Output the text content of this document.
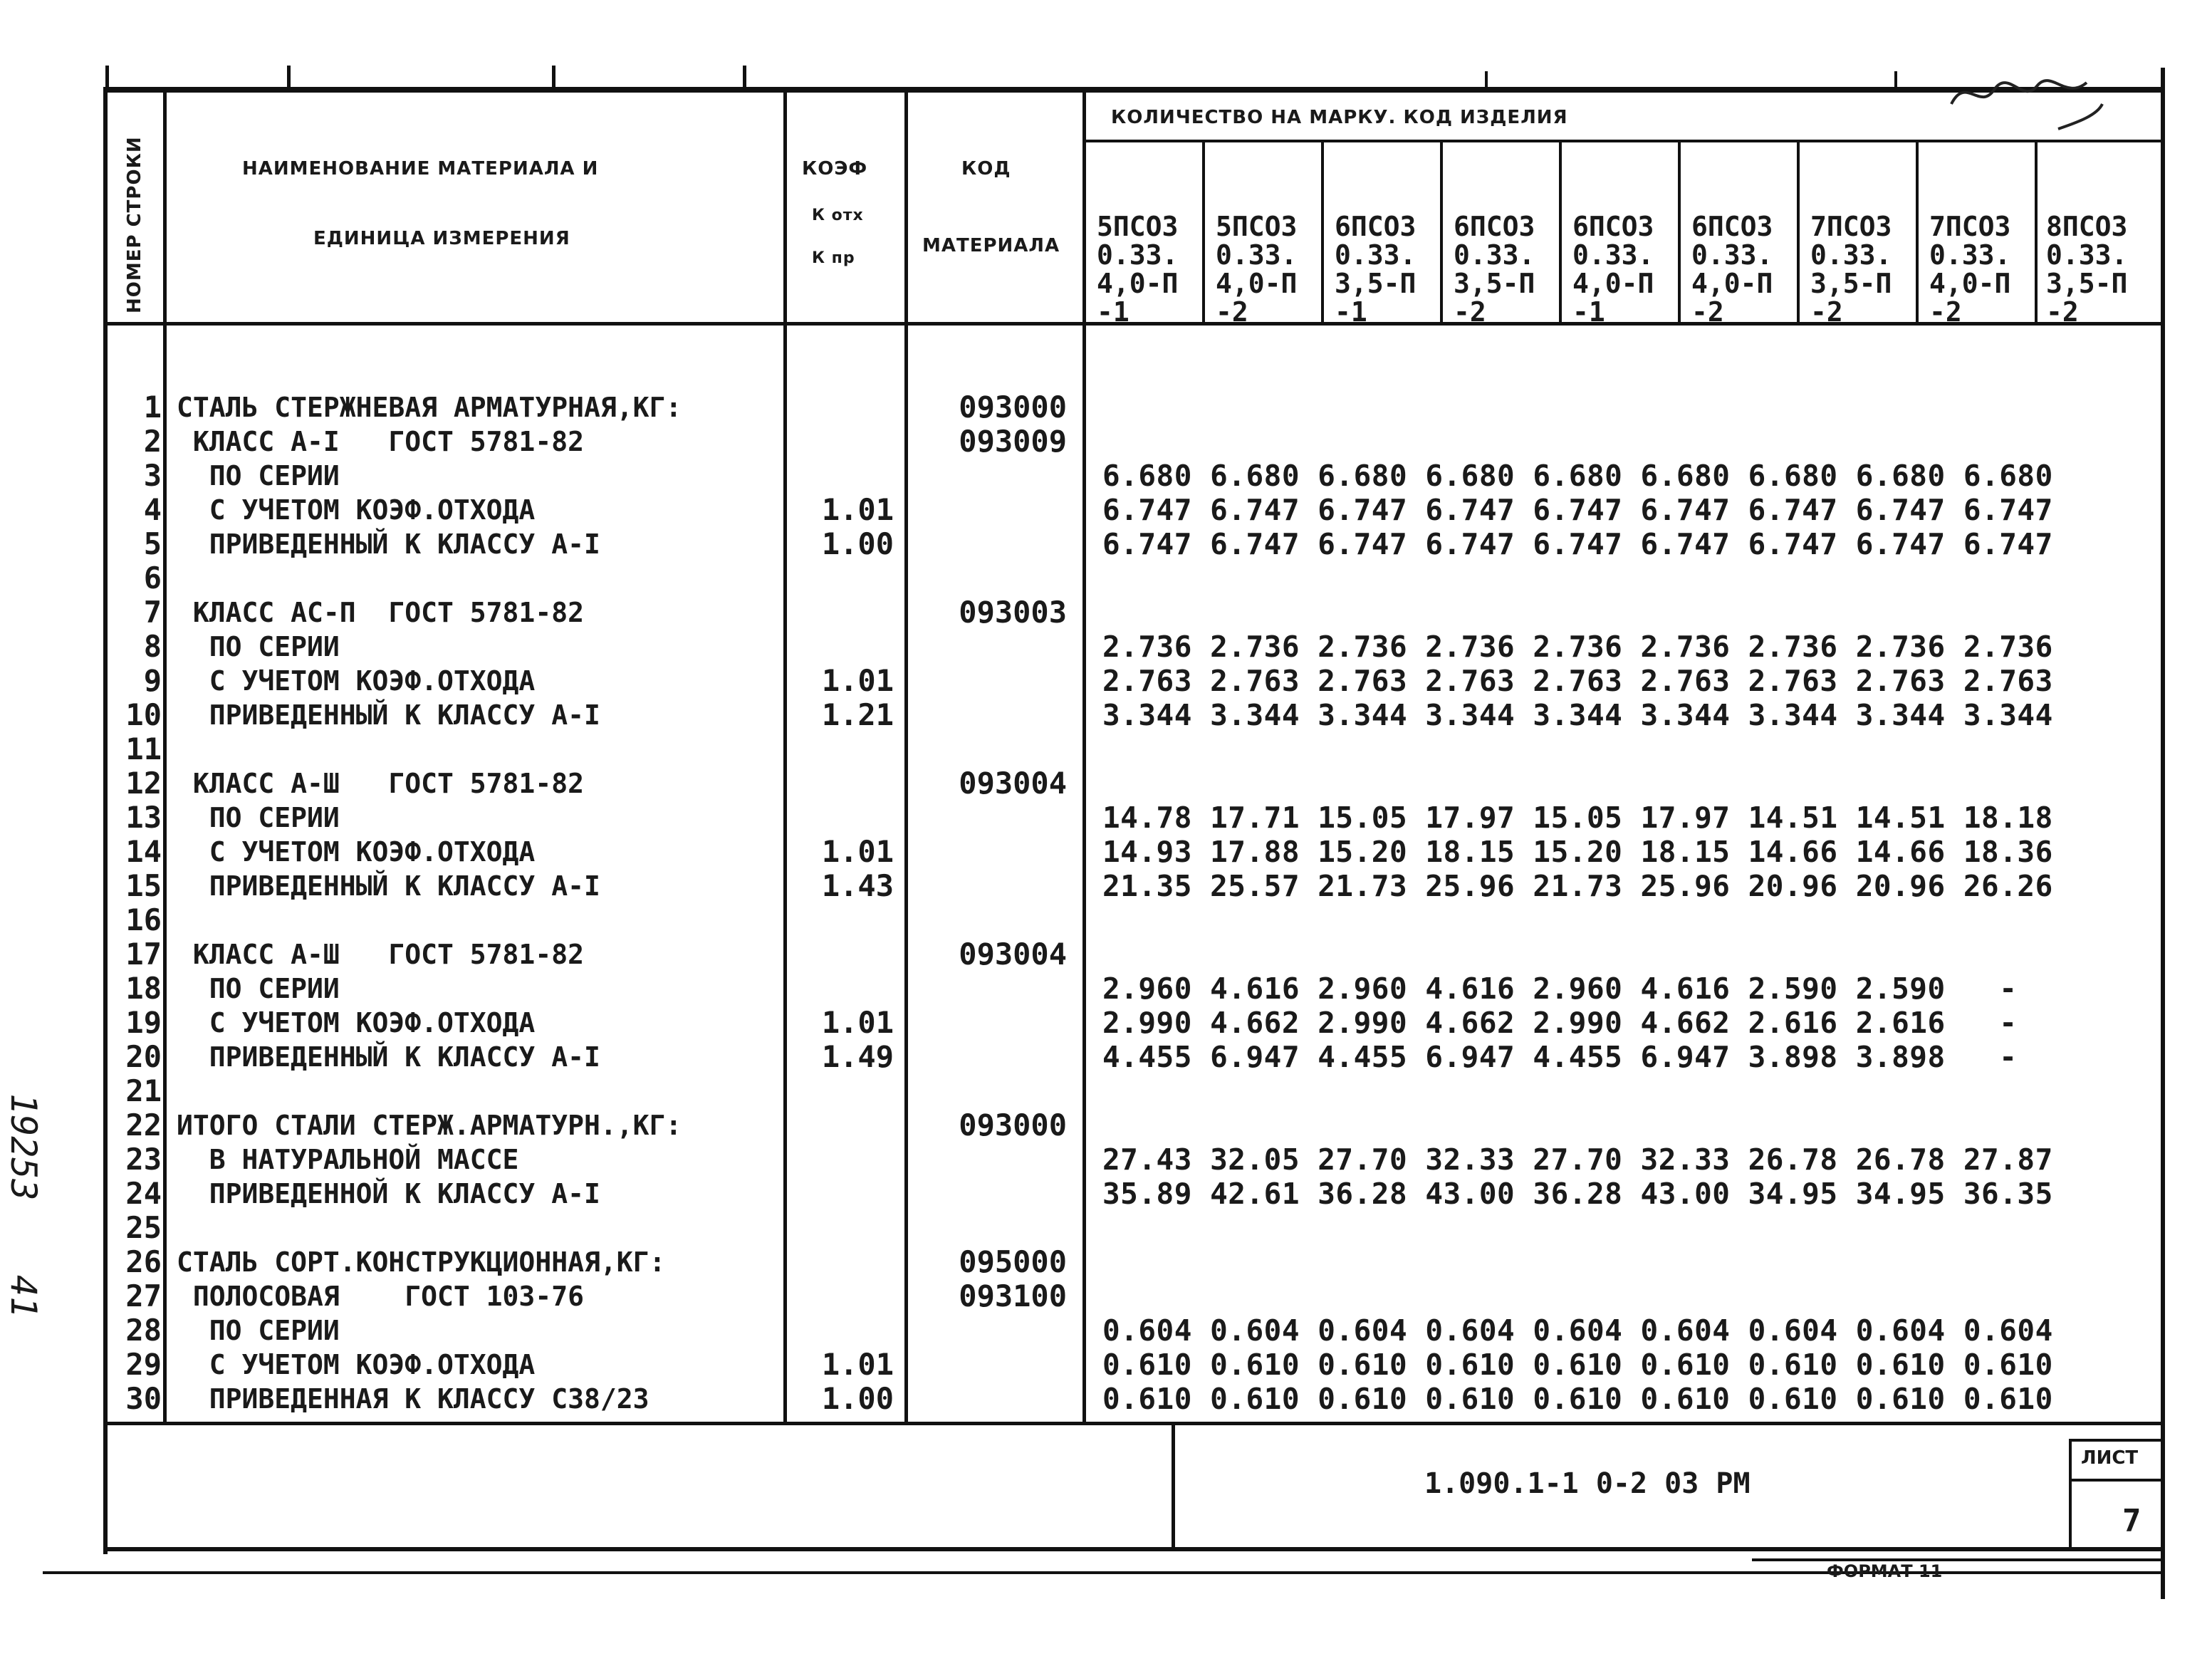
НОМЕР СТРОКИ	НАИМЕНОВАНИЕ МАТЕРИАЛА И
ЕДИНИЦА ИЗМЕРЕНИЯ
КОЭФ
К отх
К пр
КОД
МАТЕРИАЛА
КОЛИЧЕСТВО НА МАРКУ. КОД ИЗДЕЛИЯ

5ПСО3
0.33.
4,0-П
-1

5ПСО3
0.33.
4,0-П
-2

6ПСО3
0.33.
3,5-П
-1

6ПСО3
0.33.
3,5-П
-2

6ПСО3
0.33.
4,0-П
-1

6ПСО3
0.33.
4,0-П
-2

7ПСО3
0.33.
3,5-П
-2

7ПСО3
0.33.
4,0-П
-2

8ПСО3
0.33.
3,5-П
-2

1
2
3
4
5
6
7
8
9
10
11
12
13
14
15
16
17
18
19
20
21
22
23
24
25
26
27
28
29
30
СТАЛЬ СТЕРЖНЕВАЯ АРМАТУРНАЯ,КГ:
КЛАСС А-I   ГОСТ 5781-82
ПО СЕРИИ
С УЧЕТОМ КОЭФ.ОТХОДА
ПРИВЕДЕННЫЙ К КЛАССУ А-I

КЛАСС АС-П  ГОСТ 5781-82
ПО СЕРИИ
С УЧЕТОМ КОЭФ.ОТХОДА
ПРИВЕДЕННЫЙ К КЛАССУ А-I

КЛАСС А-Ш   ГОСТ 5781-82
ПО СЕРИИ
С УЧЕТОМ КОЭФ.ОТХОДА
ПРИВЕДЕННЫЙ К КЛАССУ А-I

КЛАСС А-Ш   ГОСТ 5781-82
ПО СЕРИИ
С УЧЕТОМ КОЭФ.ОТХОДА
ПРИВЕДЕННЫЙ К КЛАССУ А-I

ИТОГО СТАЛИ СТЕРЖ.АРМАТУРН.,КГ:
В НАТУРАЛЬНОЙ МАССЕ
ПРИВЕДЕННОЙ К КЛАССУ А-I

СТАЛЬ СОРТ.КОНСТРУКЦИОННАЯ,КГ:
ПОЛОСОВАЯ    ГОСТ 103-76
ПО СЕРИИ
С УЧЕТОМ КОЭФ.ОТХОДА
ПРИВЕДЕННАЯ К КЛАССУ С38/23

1.01
1.00

1.01
1.21

1.01
1.43

1.01
1.49

1.01
1.00
093000
093009

093003

093004

093004

093000

095000
093100

6.680 6.680 6.680 6.680 6.680 6.680 6.680 6.680 6.680
6.747 6.747 6.747 6.747 6.747 6.747 6.747 6.747 6.747
6.747 6.747 6.747 6.747 6.747 6.747 6.747 6.747 6.747

2.736 2.736 2.736 2.736 2.736 2.736 2.736 2.736 2.736
2.763 2.763 2.763 2.763 2.763 2.763 2.763 2.763 2.763
3.344 3.344 3.344 3.344 3.344 3.344 3.344 3.344 3.344

14.78 17.71 15.05 17.97 15.05 17.97 14.51 14.51 18.18
14.93 17.88 15.20 18.15 15.20 18.15 14.66 14.66 18.36
21.35 25.57 21.73 25.96 21.73 25.96 20.96 20.96 26.26

2.960 4.616 2.960 4.616 2.960 4.616 2.590 2.590   -
2.990 4.662 2.990 4.662 2.990 4.662 2.616 2.616   -
4.455 6.947 4.455 6.947 4.455 6.947 3.898 3.898   -

27.43 32.05 27.70 32.33 27.70 32.33 26.78 26.78 27.87
35.89 42.61 36.28 43.00 36.28 43.00 34.95 34.95 36.35

0.604 0.604 0.604 0.604 0.604 0.604 0.604 0.604 0.604
0.610 0.610 0.610 0.610 0.610 0.610 0.610 0.610 0.610
0.610 0.610 0.610 0.610 0.610 0.610 0.610 0.610 0.610
1.090.1-1 0-2 03 РМ
ЛИСТ
7
ФОРМАТ 11
19253
41
